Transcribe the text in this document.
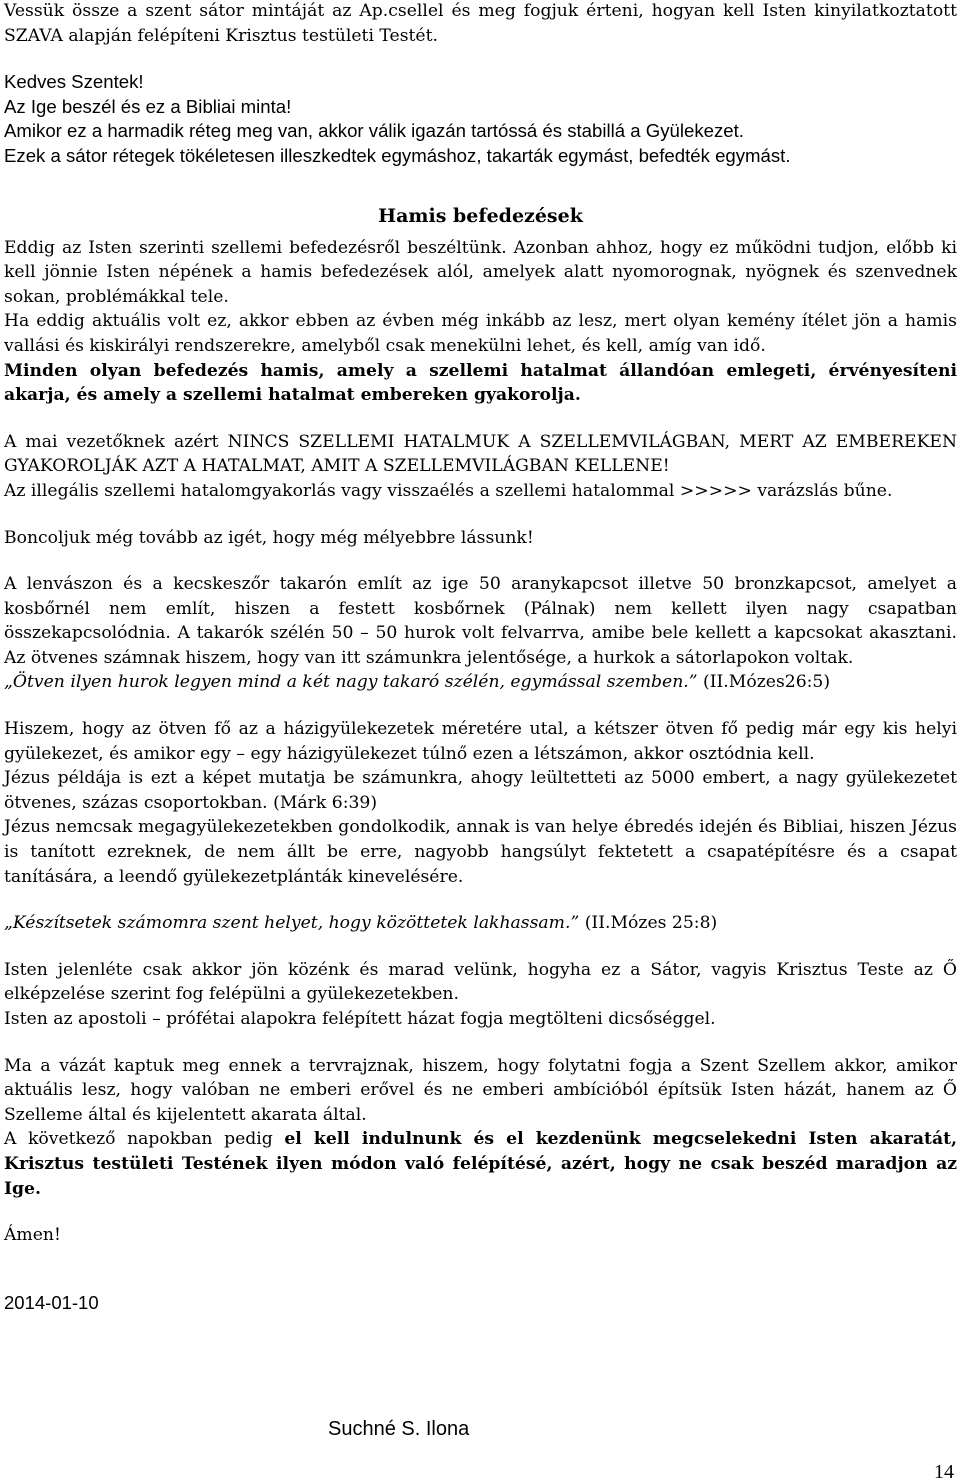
Vessük össze a szent sátor mintáját az Ap.csellel és meg fogjuk érteni, hogyan kell Isten kinyilatkoztatott SZAVA alapján felépíteni Krisztus testületi Testét.

Kedves Szentek!

Az Ige beszél és ez a Bibliai minta!

Amikor ez a harmadik réteg meg van, akkor válik igazán tartóssá és stabillá a Gyülekezet.

Ezek a sátor rétegek tökéletesen illeszkedtek egymáshoz, takarták egymást, befedték egymást.

Hamis befedezések

Eddig az Isten szerinti szellemi befedezésről beszéltünk. Azonban ahhoz, hogy ez működni tudjon, előbb ki kell jönnie Isten népének a hamis befedezések alól, amelyek alatt nyomorognak, nyögnek és szenvednek sokan, problémákkal tele.

Ha eddig aktuális volt ez, akkor ebben az évben még inkább az lesz, mert olyan kemény ítélet jön a hamis vallási és kiskirályi rendszerekre, amelyből csak menekülni lehet, és kell, amíg van idő.

Minden olyan befedezés hamis, amely a szellemi hatalmat állandóan emlegeti, érvényesíteni akarja, és amely a szellemi hatalmat embereken gyakorolja.

A mai vezetőknek azért NINCS SZELLEMI HATALMUK A SZELLEMVILÁGBAN, MERT AZ EMBEREKEN GYAKOROLJÁK AZT A HATALMAT, AMIT A SZELLEMVILÁGBAN KELLENE!

Az illegális szellemi hatalomgyakorlás vagy visszaélés a szellemi hatalommal >>>>> varázslás bűne.

Boncoljuk még tovább az igét, hogy még mélyebbre lássunk!

A lenvászon és a kecskeszőr takarón említ az ige 50 aranykapcsot illetve 50 bronzkapcsot, amelyet a kosbőrnél nem említ, hiszen a festett kosbőrnek (Pálnak) nem kellett ilyen nagy csapatban összekapcsolódnia. A takarók szélén 50 – 50 hurok volt felvarrva, amibe bele kellett a kapcsokat akasztani. Az ötvenes számnak hiszem, hogy van itt számunkra jelentősége, a hurkok a sátorlapokon voltak.

„Ötven ilyen hurok legyen mind a két nagy takaró szélén, egymással szemben.” (II.Mózes26:5)

Hiszem, hogy az ötven fő az a házigyülekezetek méretére utal, a kétszer ötven fő pedig már egy kis helyi gyülekezet, és amikor egy – egy házigyülekezet túlnő ezen a létszámon, akkor osztódnia kell.

Jézus példája is ezt a képet mutatja be számunkra, ahogy leültetteti az 5000 embert, a nagy gyülekezetet ötvenes, százas csoportokban. (Márk 6:39)

Jézus nemcsak megagyülekezetekben gondolkodik, annak is van helye ébredés idején és Bibliai, hiszen Jézus is tanított ezreknek, de nem állt be erre, nagyobb hangsúlyt fektetett a csapatépítésre és a csapat tanítására, a leendő gyülekezetplánták kinevelésére.

„Készítsetek számomra szent helyet, hogy közöttetek lakhassam.” (II.Mózes 25:8)

Isten jelenléte csak akkor jön közénk és marad velünk, hogyha ez a Sátor, vagyis Krisztus Teste az Ő elképzelése szerint fog felépülni a gyülekezetekben.

Isten az apostoli – prófétai alapokra felépített házat fogja megtölteni dicsőséggel.

Ma a vázát kaptuk meg ennek a tervrajznak, hiszem, hogy folytatni fogja a Szent Szellem akkor, amikor aktuális lesz, hogy valóban ne emberi erővel és ne emberi ambícióból építsük Isten házát, hanem az Ő Szelleme által és kijelentett akarata által.

A következő napokban pedig el kell indulnunk és el kezdenünk megcselekedni Isten akaratát, Krisztus testületi Testének ilyen módon való felépítésé, azért, hogy ne csak beszéd maradjon az Ige.

Ámen!

2014-01-10
Suchné S. Ilona
14
